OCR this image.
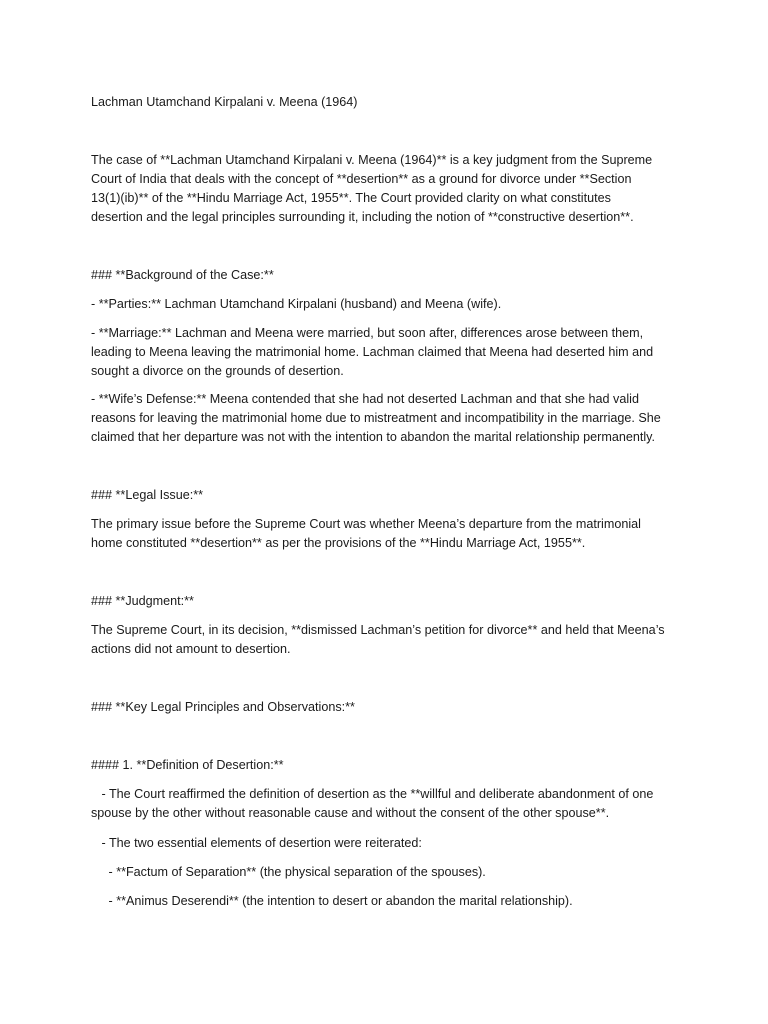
Lachman Utamchand Kirpalani v. Meena (1964)

The case of **Lachman Utamchand Kirpalani v. Meena (1964)** is a key judgment from the Supreme
Court of India that deals with the concept of **desertion** as a ground for divorce under **Section
13(1)(ib)** of the **Hindu Marriage Act, 1955**. The Court provided clarity on what constitutes
desertion and the legal principles surrounding it, including the notion of **constructive desertion**.

### **Background of the Case:**

- **Parties:** Lachman Utamchand Kirpalani (husband) and Meena (wife).

- **Marriage:** Lachman and Meena were married, but soon after, differences arose between them,
leading to Meena leaving the matrimonial home. Lachman claimed that Meena had deserted him and
sought a divorce on the grounds of desertion.

- **Wife’s Defense:** Meena contended that she had not deserted Lachman and that she had valid
reasons for leaving the matrimonial home due to mistreatment and incompatibility in the marriage. She
claimed that her departure was not with the intention to abandon the marital relationship permanently.

### **Legal Issue:**

The primary issue before the Supreme Court was whether Meena’s departure from the matrimonial
home constituted **desertion** as per the provisions of the **Hindu Marriage Act, 1955**.

### **Judgment:**

The Supreme Court, in its decision, **dismissed Lachman’s petition for divorce** and held that Meena’s
actions did not amount to desertion.

### **Key Legal Principles and Observations:**

#### 1. **Definition of Desertion:**

- The Court reaffirmed the definition of desertion as the **willful and deliberate abandonment of one
spouse by the other without reasonable cause and without the consent of the other spouse**.

- The two essential elements of desertion were reiterated:

- **Factum of Separation** (the physical separation of the spouses).

- **Animus Deserendi** (the intention to desert or abandon the marital relationship).
